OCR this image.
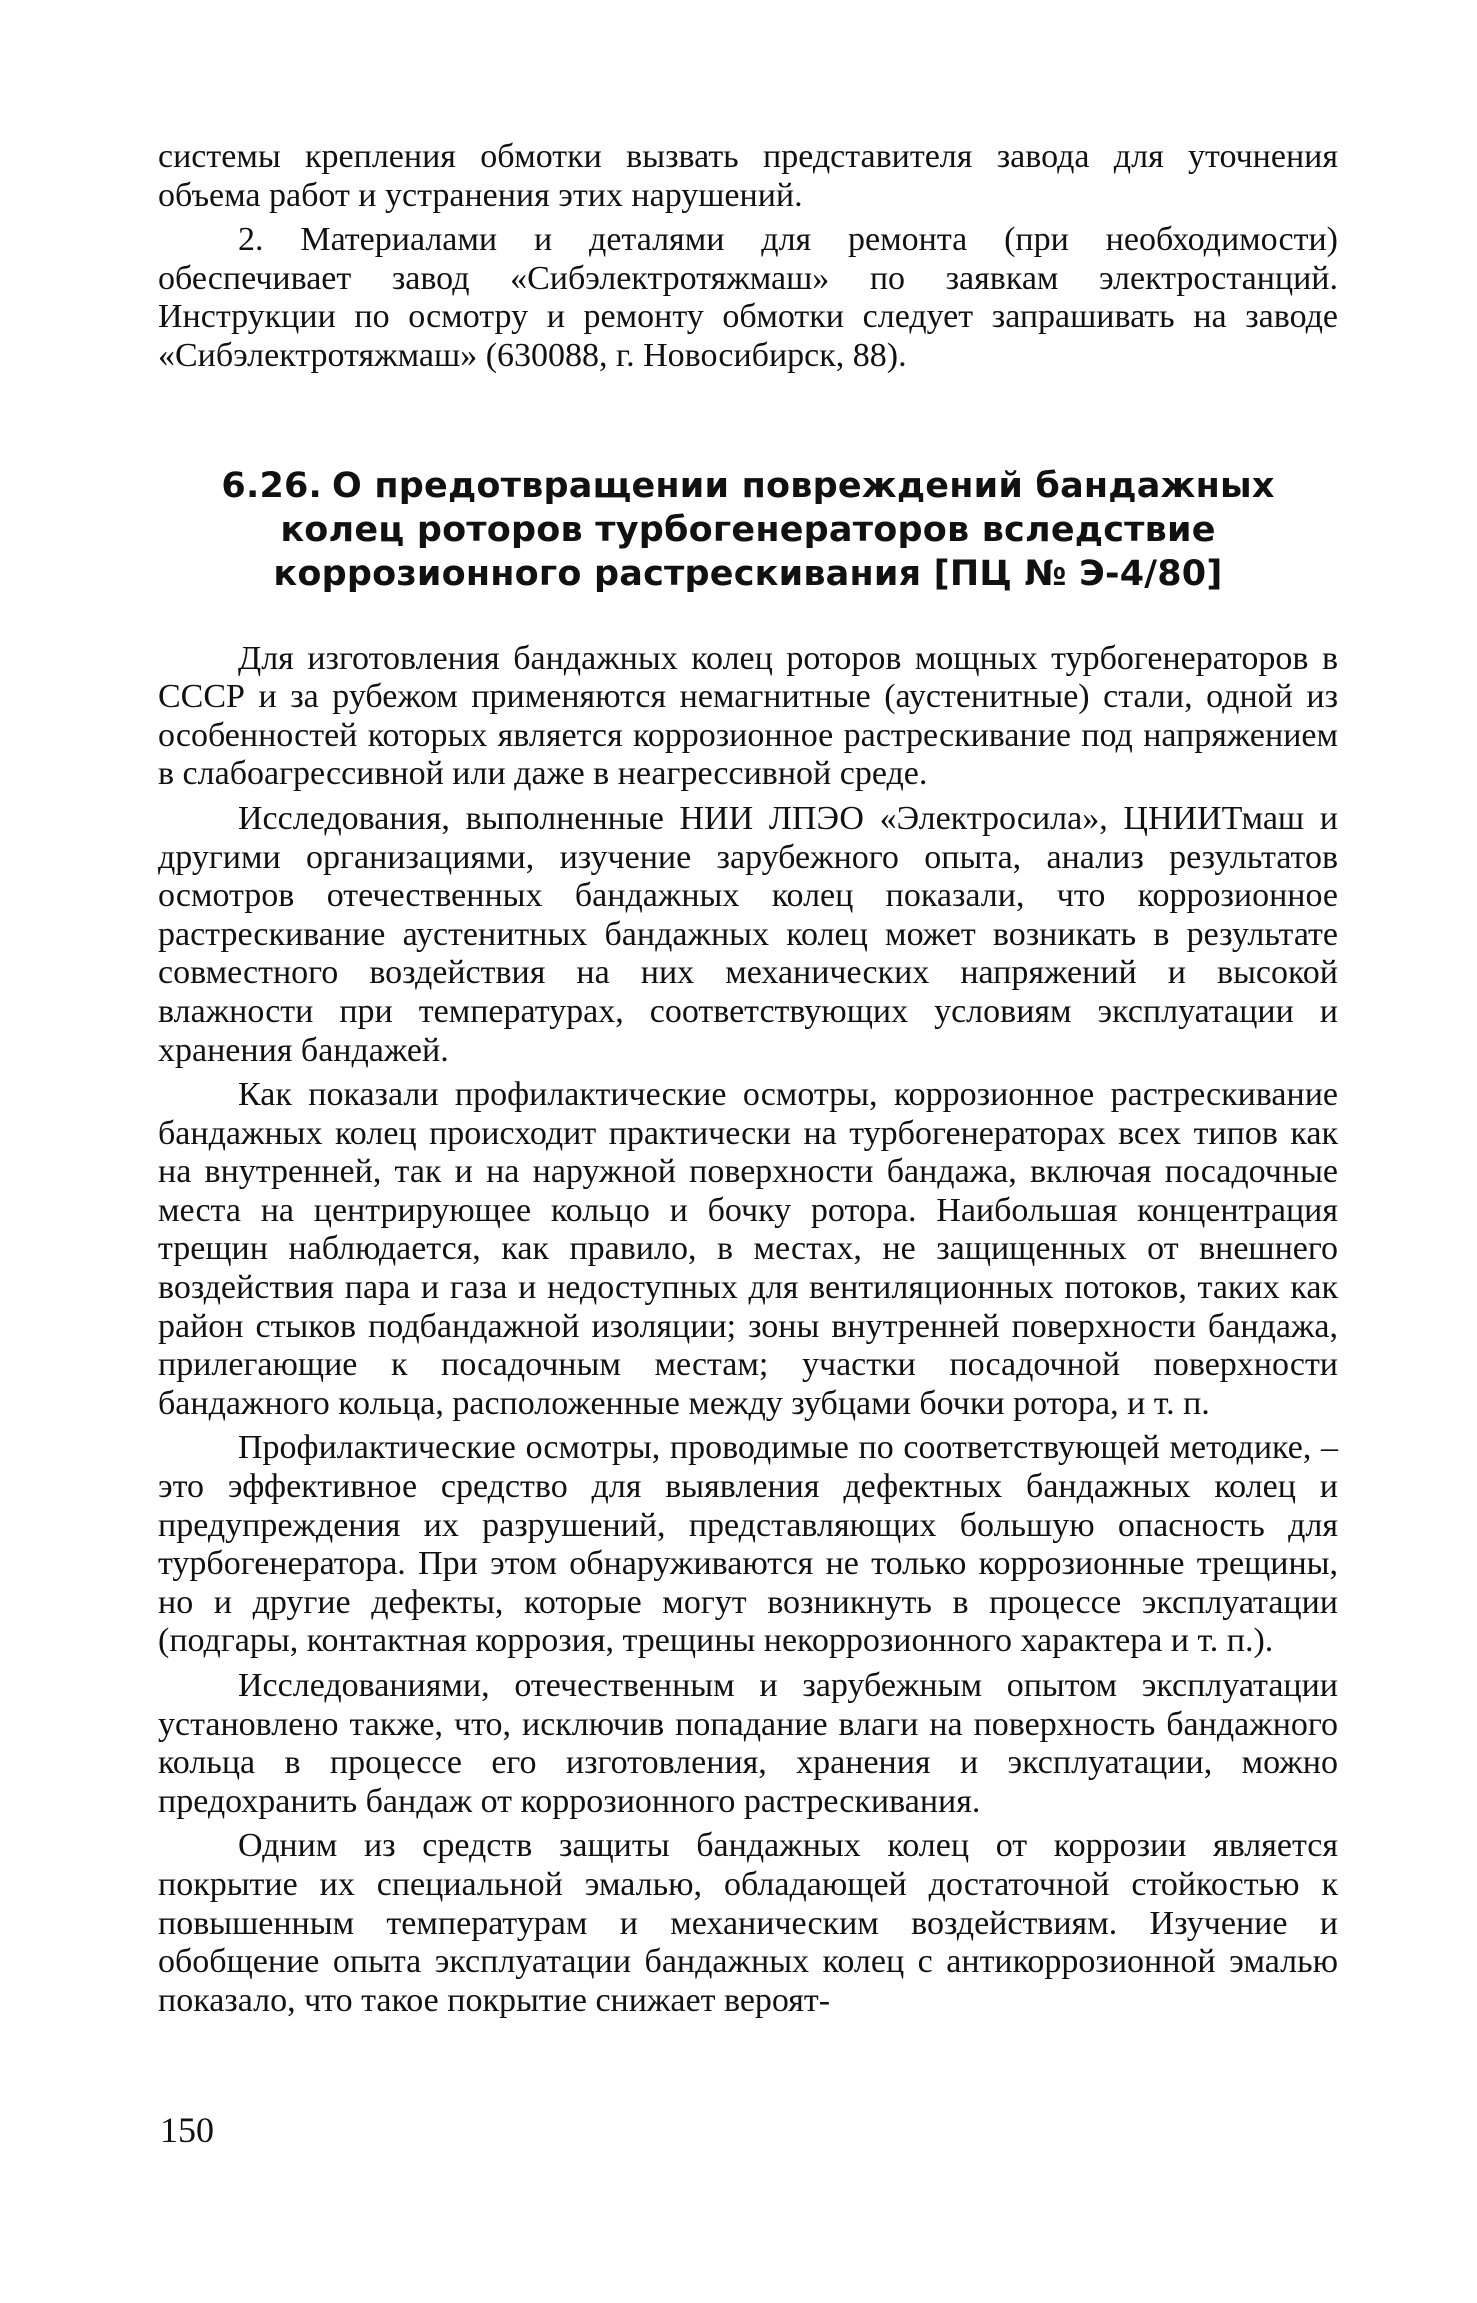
системы крепления обмотки вызвать представителя завода для уточнения объема работ и устранения этих нарушений.

2. Материалами и деталями для ремонта (при необходимости) обеспечивает завод «Сибэлектротяжмаш» по заявкам электростанций. Инструкции по осмотру и ремонту обмотки следует запрашивать на заводе «Сибэлектротяжмаш» (630088, г. Новосибирск, 88).

6.26. О предотвращении повреждений бандажных колец роторов турбогенераторов вследствие коррозионного растрескивания [ПЦ № Э-4/80]

Для изготовления бандажных колец роторов мощных турбогенераторов в СССР и за рубежом применяются немагнитные (аустенитные) стали, одной из особенностей которых является коррозионное растрескивание под напряжением в слабоагрессивной или даже в неагрессивной среде.

Исследования, выполненные НИИ ЛПЭО «Электросила», ЦНИИТмаш и другими организациями, изучение зарубежного опыта, анализ результатов осмотров отечественных бандажных колец показали, что коррозионное растрескивание аустенитных бандажных колец может возникать в результате совместного воздействия на них механических напряжений и высокой влажности при температурах, соответствующих условиям эксплуатации и хранения бандажей.

Как показали профилактические осмотры, коррозионное растрескивание бандажных колец происходит практически на турбогенераторах всех типов как на внутренней, так и на наружной поверхности бандажа, включая посадочные места на центрирующее кольцо и бочку ротора. Наибольшая концентрация трещин наблюдается, как правило, в местах, не защищенных от внешнего воздействия пара и газа и недоступных для вентиляционных потоков, таких как район стыков подбандажной изоляции; зоны внутренней поверхности бандажа, прилегающие к посадочным местам; участки посадочной поверхности бандажного кольца, расположенные между зубцами бочки ротора, и т. п.

Профилактические осмотры, проводимые по соответствующей методике, – это эффективное средство для выявления дефектных бандажных колец и предупреждения их разрушений, представляющих большую опасность для турбогенератора. При этом обнаруживаются не только коррозионные трещины, но и другие дефекты, которые могут возникнуть в процессе эксплуатации (подгары, контактная коррозия, трещины некоррозионного характера и т. п.).

Исследованиями, отечественным и зарубежным опытом эксплуатации установлено также, что, исключив попадание влаги на поверхность бандажного кольца в процессе его изготовления, хранения и эксплуатации, можно предохранить бандаж от коррозионного растрескивания.

Одним из средств защиты бандажных колец от коррозии является покрытие их специальной эмалью, обладающей достаточной стойкостью к повышенным температурам и механическим воздействиям. Изучение и обобщение опыта эксплуатации бандажных колец с антикоррозионной эмалью показало, что такое покрытие снижает вероят-

150
